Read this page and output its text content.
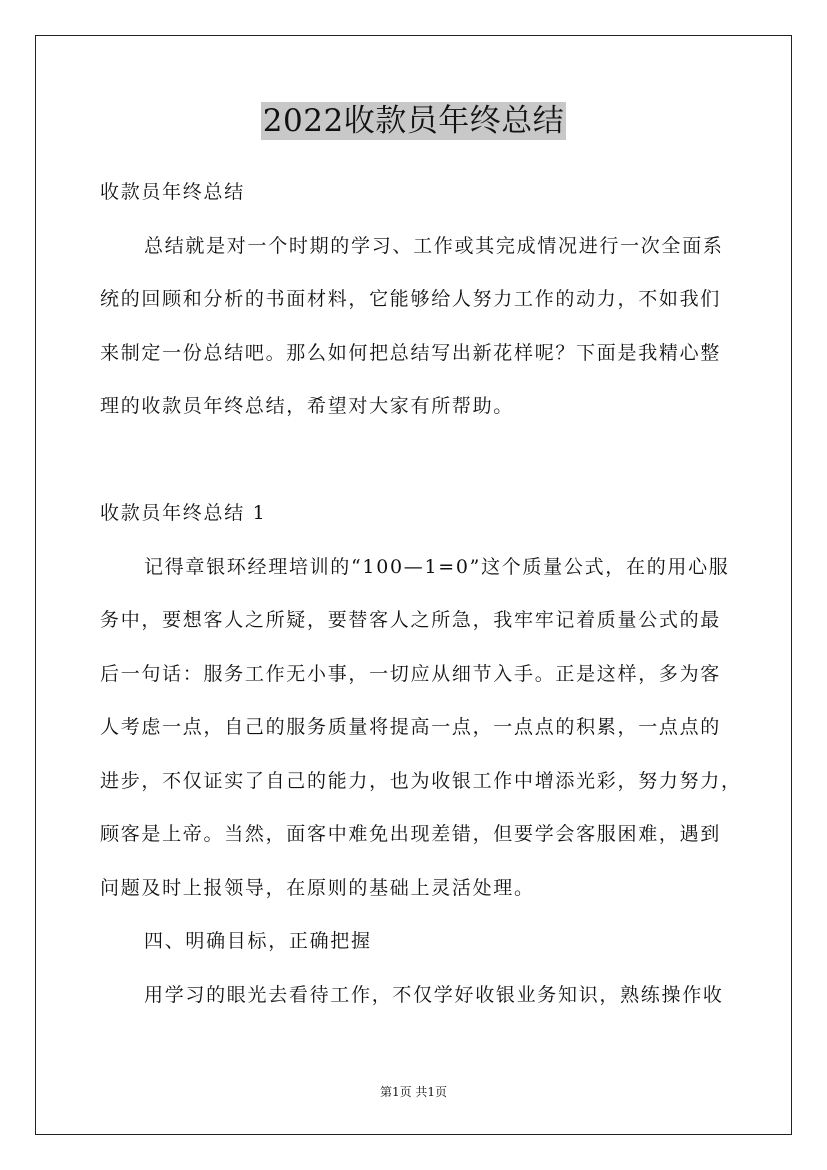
2022收款员年终总结
收款员年终总结
总结就是对一个时期的学习、工作或其完成情况进行一次全面系
统的回顾和分析的书面材料，它能够给人努力工作的动力，不如我们
来制定一份总结吧。那么如何把总结写出新花样呢？下面是我精心整
理的收款员年终总结，希望对大家有所帮助。
收款员年终总结 1
记得章银环经理培训的“100—1=0”这个质量公式，在的用心服
务中，要想客人之所疑，要替客人之所急，我牢牢记着质量公式的最
后一句话：服务工作无小事，一切应从细节入手。正是这样，多为客
人考虑一点，自己的服务质量将提高一点，一点点的积累，一点点的
进步，不仅证实了自己的能力，也为收银工作中增添光彩，努力努力，
顾客是上帝。当然，面客中难免出现差错，但要学会客服困难，遇到
问题及时上报领导，在原则的基础上灵活处理。
四、明确目标，正确把握
用学习的眼光去看待工作，不仅学好收银业务知识，熟练操作收
第1页 共1页
